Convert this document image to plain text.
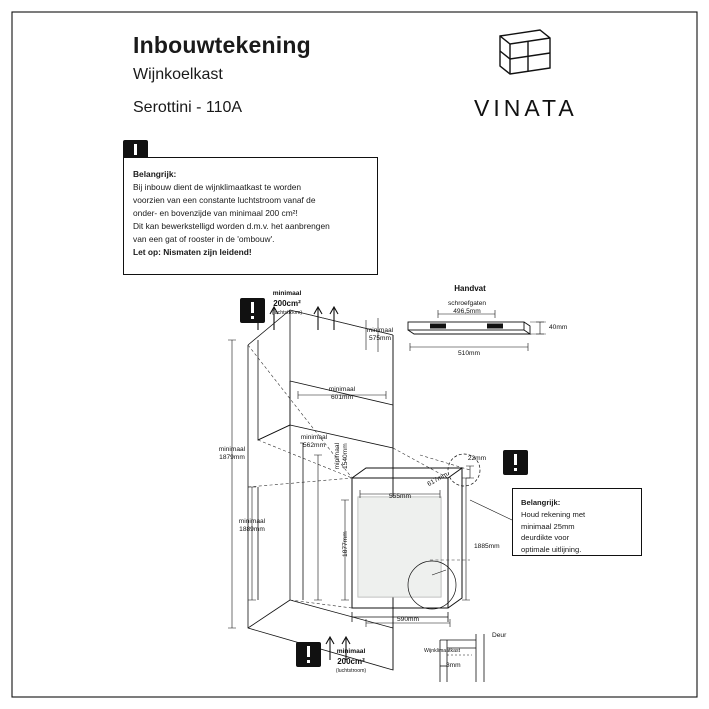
Inbouwtekening
Wijnkoelkast
Serottini - 110A	VINATA
Belangrijk:
Bij inbouw dient de wijnklimaatkast te worden
voorzien van een constante luchtstroom vanaf de
onder- en bovenzijde van minimaal 200 cm²!
Dit kan bewerkstelligd worden d.m.v. het aanbrengen
van een gat of rooster in de 'ombouw'.
Let op: Nismaten zijn leidend!
Belangrijk:
Houd rekening met
minimaal 25mm
deurdikte voor
optimale uitlijning.
Handvat
schroefgaten
496,5mm
510mm
40mm
minimaal
200cm²
(luchtstroom)
minimaal
575mm
minimaal
601mm
minimaal
562mm	minimaal 1540mm
minimaal
1879mm
minimaal
1889mm
555mm
1877mm	1885mm
590mm
617mm
22mm
minimaal
200cm²
(luchtstroom)
Wijnklimaatkast
3mm
Deur
